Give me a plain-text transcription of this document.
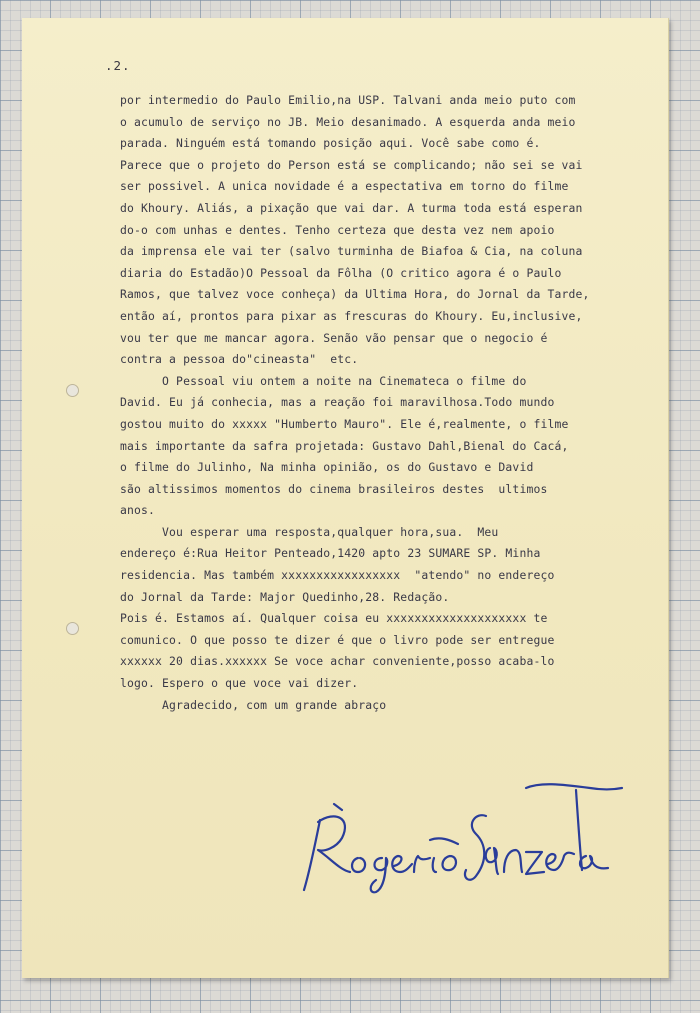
.2.
por intermedio do Paulo Emilio,na USP. Talvani anda meio puto com
o acumulo de serviço no JB. Meio desanimado. A esquerda anda meio
parada. Ninguém está tomando posição aqui. Você sabe como é.
Parece que o projeto do Person está se complicando; não sei se vai
ser possivel. A unica novidade é a espectativa em torno do filme
do Khoury. Aliás, a pixação que vai dar. A turma toda está esperan
do-o com unhas e dentes. Tenho certeza que desta vez nem apoio
da imprensa ele vai ter (salvo turminha de Biafoa & Cia, na coluna
diaria do Estadão)O Pessoal da Fôlha (O critico agora é o Paulo
Ramos, que talvez voce conheça) da Ultima Hora, do Jornal da Tarde,
então aí, prontos para pixar as frescuras do Khoury. Eu,inclusive,
vou ter que me mancar agora. Senão vão pensar que o negocio é
contra a pessoa do"cineasta"  etc.
O Pessoal viu ontem a noite na Cinemateca o filme do
David. Eu já conhecia, mas a reação foi maravilhosa.Todo mundo
gostou muito do xxxxx "Humberto Mauro". Ele é,realmente, o filme
mais importante da safra projetada: Gustavo Dahl,Bienal do Cacá,
o filme do Julinho, Na minha opinião, os do Gustavo e David
são altissimos momentos do cinema brasileiros destes  ultimos
anos.
Vou esperar uma resposta,qualquer hora,sua.  Meu
endereço é:Rua Heitor Penteado,1420 apto 23 SUMARE SP. Minha
residencia. Mas também xxxxxxxxxxxxxxxxx  "atendo" no endereço
do Jornal da Tarde: Major Quedinho,28. Redação.
Pois é. Estamos aí. Qualquer coisa eu xxxxxxxxxxxxxxxxxxxx te
comunico. O que posso te dizer é que o livro pode ser entregue
xxxxxx 20 dias.xxxxxx Se voce achar conveniente,posso acaba-lo
logo. Espero o que voce vai dizer.
Agradecido, com um grande abraço
